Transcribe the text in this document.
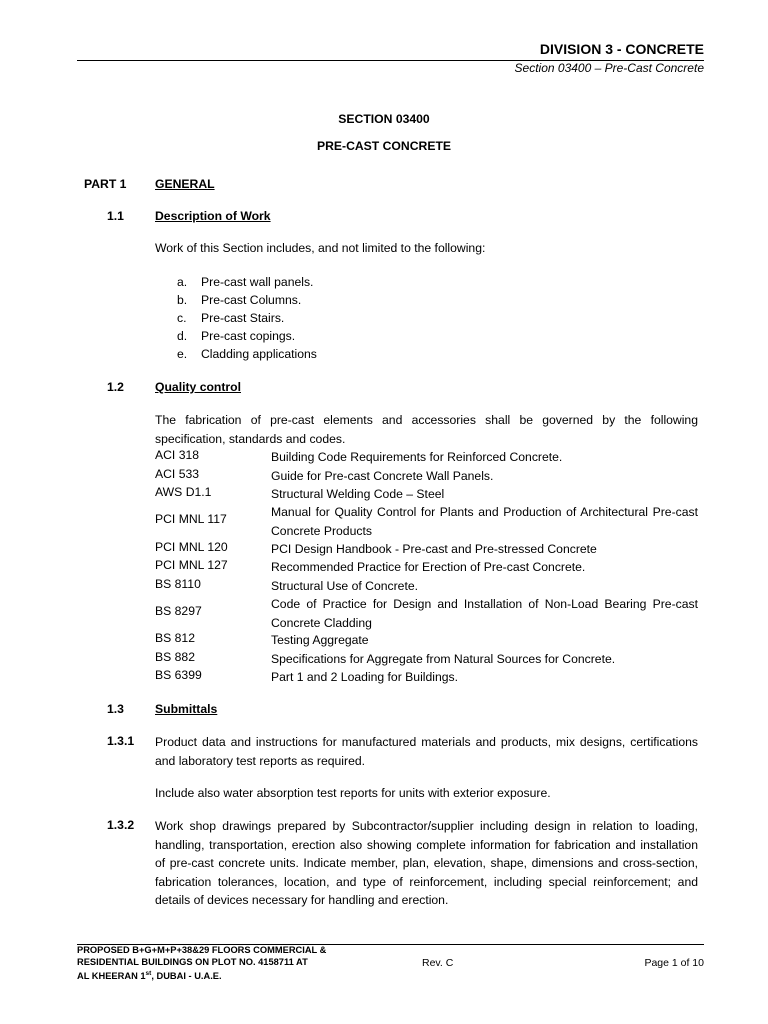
DIVISION 3 - CONCRETE
Section 03400 – Pre-Cast Concrete
SECTION 03400
PRE-CAST CONCRETE
PART 1 GENERAL
1.1	Description of Work
Work of this Section includes, and not limited to the following:
a. Pre-cast wall panels.
b. Pre-cast Columns.
c. Pre-cast Stairs.
d. Pre-cast copings.
e. Cladding applications
1.2	Quality control
The fabrication of pre-cast elements and accessories shall be governed by the following specification, standards and codes.
ACI 318	Building Code Requirements for Reinforced Concrete.
ACI 533	Guide for Pre-cast Concrete Wall Panels.
AWS D1.1	Structural Welding Code – Steel
PCI MNL 117	Manual for Quality Control for Plants and Production of Architectural Pre-cast Concrete Products
PCI MNL 120	PCI Design Handbook - Pre-cast and Pre-stressed Concrete
PCI MNL 127	Recommended Practice for Erection of Pre-cast Concrete.
BS 8110	Structural Use of Concrete.
BS 8297	Code of Practice for Design and Installation of Non-Load Bearing Pre-cast Concrete Cladding
BS 812	Testing Aggregate
BS 882	Specifications for Aggregate from Natural Sources for Concrete.
BS 6399	Part 1 and 2 Loading for Buildings.
1.3	Submittals
1.3.1 Product data and instructions for manufactured materials and products, mix designs, certifications and laboratory test reports as required.
Include also water absorption test reports for units with exterior exposure.
1.3.2 Work shop drawings prepared by Subcontractor/supplier including design in relation to loading, handling, transportation, erection also showing complete information for fabrication and installation of pre-cast concrete units. Indicate member, plan, elevation, shape, dimensions and cross-section, fabrication tolerances, location, and type of reinforcement, including special reinforcement; and details of devices necessary for handling and erection.
PROPOSED B+G+M+P+38&29 FLOORS COMMERCIAL &
RESIDENTIAL BUILDINGS ON PLOT NO. 4158711 AT
AL KHEERAN 1st, DUBAI - U.A.E.
Rev. C	Page 1 of 10
